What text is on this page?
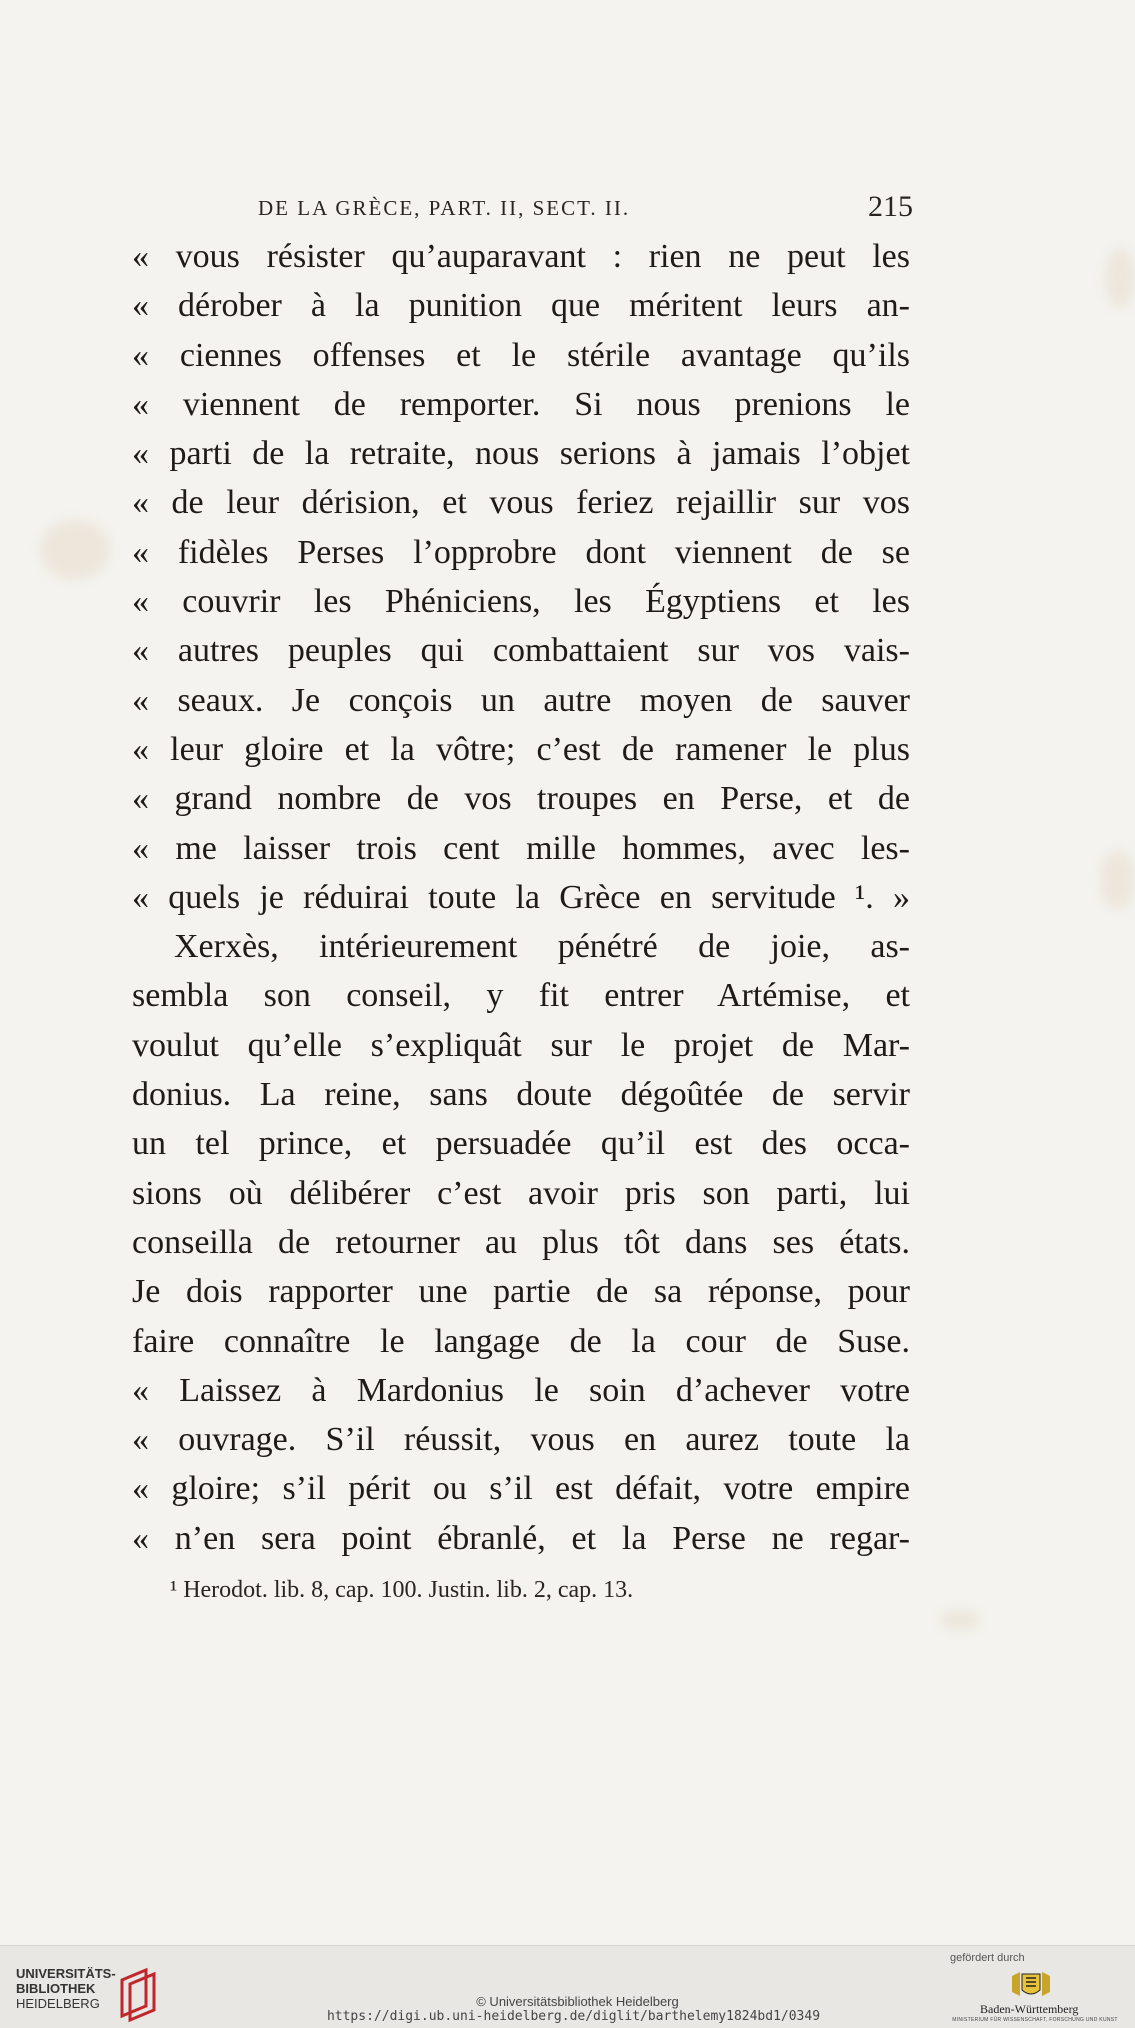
DE LA GRÈCE, PART. II, SECT. II.	215
« vous résister qu’auparavant : rien ne peut les
« dérober à la punition que méritent leurs an-
« ciennes offenses et le stérile avantage qu’ils
« viennent de remporter. Si nous prenions le
« parti de la retraite, nous serions à jamais l’objet
« de leur dérision, et vous feriez rejaillir sur vos
« fidèles Perses l’opprobre dont viennent de se
« couvrir les Phéniciens, les Égyptiens et les
« autres peuples qui combattaient sur vos vais-
« seaux. Je conçois un autre moyen de sauver
« leur gloire et la vôtre; c’est de ramener le plus
« grand nombre de vos troupes en Perse, et de
« me laisser trois cent mille hommes, avec les-
« quels je réduirai toute la Grèce en servitude ¹. »
Xerxès, intérieurement pénétré de joie, as-
sembla son conseil, y fit entrer Artémise, et
voulut qu’elle s’expliquât sur le projet de Mar-
donius. La reine, sans doute dégoûtée de servir
un tel prince, et persuadée qu’il est des occa-
sions où délibérer c’est avoir pris son parti, lui
conseilla de retourner au plus tôt dans ses états.
Je dois rapporter une partie de sa réponse, pour
faire connaître le langage de la cour de Suse.
« Laissez à Mardonius le soin d’achever votre
« ouvrage. S’il réussit, vous en aurez toute la
« gloire; s’il périt ou s’il est défait, votre empire
« n’en sera point ébranlé, et la Perse ne regar-
¹ Herodot. lib. 8, cap. 100. Justin. lib. 2, cap. 13.
UNIVERSITÄTS-
BIBLIOTHEK
HEIDELBERG	© Universitätsbibliothek Heidelberg
https://digi.ub.uni-heidelberg.de/diglit/barthelemy1824bd1/0349
gefördert durch
Baden-Württemberg
MINISTERIUM FÜR WISSENSCHAFT, FORSCHUNG UND KUNST
